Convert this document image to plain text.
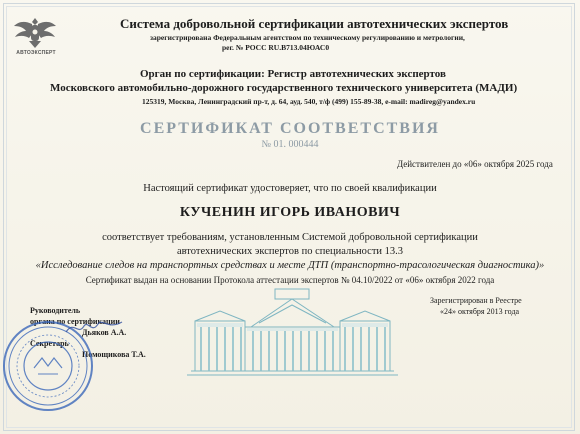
АВТОЭКСПЕРТ
Система добровольной сертификации автотехнических экспертов
зарегистрирована Федеральным агентством по техническому регулированию и метрологии,
рег. № РОСС RU.В713.04ЮАС0
Орган по сертификации: Регистр автотехнических экспертов
Московского автомобильно-дорожного государственного технического университета (МАДИ)
125319, Москва, Ленинградский пр-т, д. 64, ауд. 540, т/ф (499) 155-89-38, e-mail: madireg@yandex.ru
СЕРТИФИКАТ СООТВЕТСТВИЯ
№ 01. 000444
Действителен до «06» октября 2025 года
Настоящий сертификат удостоверяет, что по своей квалификации
КУЧЕНИН ИГОРЬ ИВАНОВИЧ
соответствует требованиям, установленным Системой добровольной сертификации
автотехнических экспертов по специальности 13.3
«Исследование следов на транспортных средствах и месте ДТП (транспортно-трасологическая диагностика)»
Сертификат выдан на основании Протокола аттестации экспертов № 04.10/2022 от «06» октября 2022 года
Руководитель
органа по сертификации
Дьяков А.А.
Секретарь
Помощикова Т.А.
Зарегистрирован в Реестре
«24» октября 2013 года
